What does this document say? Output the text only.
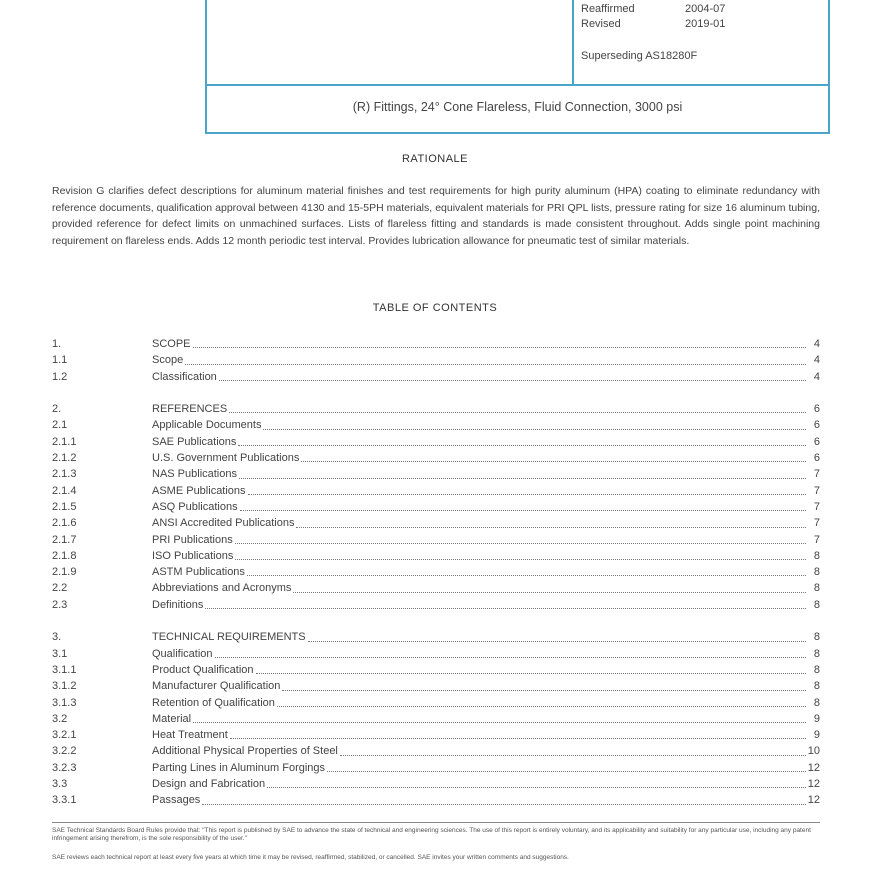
Reaffirmed	2004-07
Revised	2019-01
Superseding AS18280F
(R) Fittings, 24° Cone Flareless, Fluid Connection, 3000 psi
RATIONALE
Revision G clarifies defect descriptions for aluminum material finishes and test requirements for high purity aluminum (HPA) coating to eliminate redundancy with reference documents, qualification approval between 4130 and 15-5PH materials, equivalent materials for PRI QPL lists, pressure rating for size 16 aluminum tubing, provided reference for defect limits on unmachined surfaces. Lists of flareless fitting and standards is made consistent throughout. Adds single point machining requirement on flareless ends. Adds 12 month periodic test interval. Provides lubrication allowance for pneumatic test of similar materials.
TABLE OF CONTENTS
1.	SCOPE	4
1.1	Scope	4
1.2	Classification	4
2.	REFERENCES	6
2.1	Applicable Documents	6
2.1.1	SAE Publications	6
2.1.2	U.S. Government Publications	6
2.1.3	NAS Publications	7
2.1.4	ASME Publications	7
2.1.5	ASQ Publications	7
2.1.6	ANSI Accredited Publications	7
2.1.7	PRI Publications	7
2.1.8	ISO Publications	8
2.1.9	ASTM Publications	8
2.2	Abbreviations and Acronyms	8
2.3	Definitions	8
3.	TECHNICAL REQUIREMENTS	8
3.1	Qualification	8
3.1.1	Product Qualification	8
3.1.2	Manufacturer Qualification	8
3.1.3	Retention of Qualification	8
3.2	Material	9
3.2.1	Heat Treatment	9
3.2.2	Additional Physical Properties of Steel	10
3.2.3	Parting Lines in Aluminum Forgings	12
3.3	Design and Fabrication	12
3.3.1	Passages	12
SAE Technical Standards Board Rules provide that: "This report is published by SAE to advance the state of technical and engineering sciences. The use of this report is entirely voluntary, and its applicability and suitability for any particular use, including any patent infringement arising therefrom, is the sole responsibility of the user."
SAE reviews each technical report at least every five years at which time it may be revised, reaffirmed, stabilized, or cancelled. SAE invites your written comments and suggestions.
